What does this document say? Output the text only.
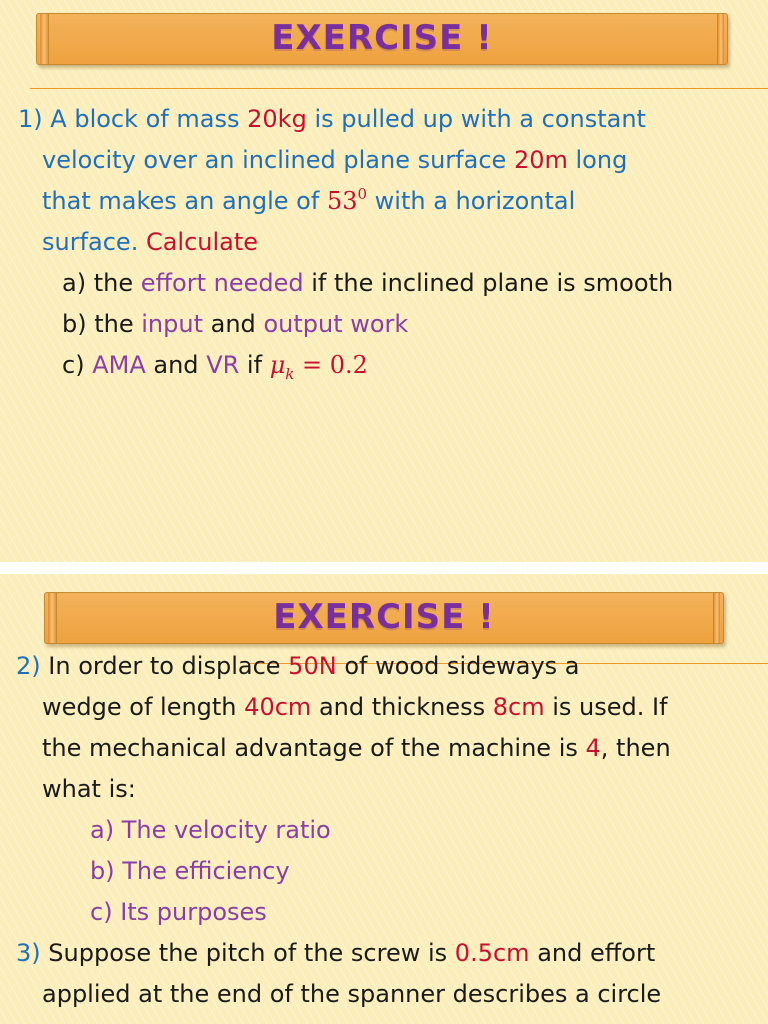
EXERCISE !
1) A block of mass 20kg is pulled up with a constant
velocity over an inclined plane surface 20m long
that makes an angle of $53^0$ with a horizontal
surface. Calculate
a) the effort needed if the inclined plane is smooth
b) the input and output work
c) AMA and VR if $\mu_k = 0.2$
EXERCISE !
2) In order to displace 50N of wood sideways a
wedge of length 40cm and thickness 8cm is used. If
the mechanical advantage of the machine is 4, then
what is:
a) The velocity ratio
b) The efficiency
c) Its purposes
3) Suppose the pitch of the screw is 0.5cm and effort
applied at the end of the spanner describes a circle
